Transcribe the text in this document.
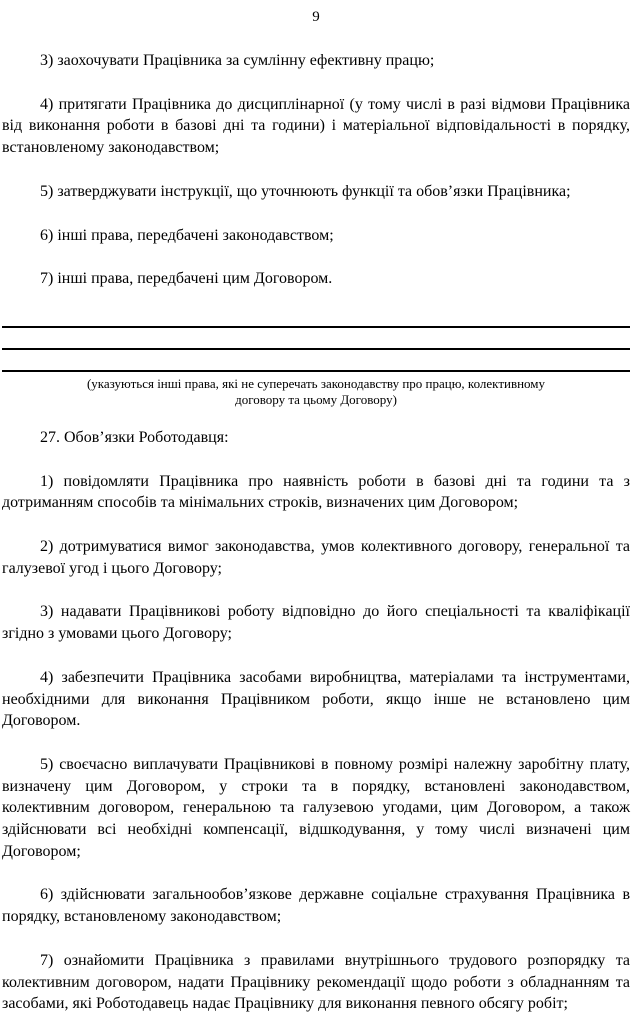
9

3) заохочувати Працівника за сумлінну ефективну працю;

4) притягати Працівника до дисциплінарної (у тому числі в разі відмови Працівника від виконання роботи в базові дні та години) і матеріальної відповідальності в порядку, встановленому законодавством;

5) затверджувати інструкції, що уточнюють функції та обов’язки Працівника;

6) інші права, передбачені законодавством;

7) інші права, передбачені цим Договором.

(указуються інші права, які не суперечать законодавству про працю, колективному договору та цьому Договору)

27. Обов’язки Роботодавця:

1) повідомляти Працівника про наявність роботи в базові дні та години та з дотриманням способів та мінімальних строків, визначених цим Договором;

2) дотримуватися вимог законодавства, умов колективного договору, генеральної та галузевої угод і цього Договору;

3) надавати Працівникові роботу відповідно до його спеціальності та кваліфікації згідно з умовами цього Договору;

4) забезпечити Працівника засобами виробництва, матеріалами та інструментами, необхідними для виконання Працівником роботи, якщо інше не встановлено цим Договором.

5) своєчасно виплачувати Працівникові в повному розмірі належну заробітну плату, визначену цим Договором, у строки та в порядку, встановлені законодавством, колективним договором, генеральною та галузевою угодами, цим Договором, а також здійснювати всі необхідні компенсації, відшкодування, у тому числі визначені цим Договором;

6) здійснювати загальнообов’язкове державне соціальне страхування Працівника в порядку, встановленому законодавством;

7) ознайомити Працівника з правилами внутрішнього трудового розпорядку та колективним договором, надати Працівнику рекомендації щодо роботи з обладнанням та засобами, які Роботодавець надає Працівнику для виконання певного обсягу робіт;
